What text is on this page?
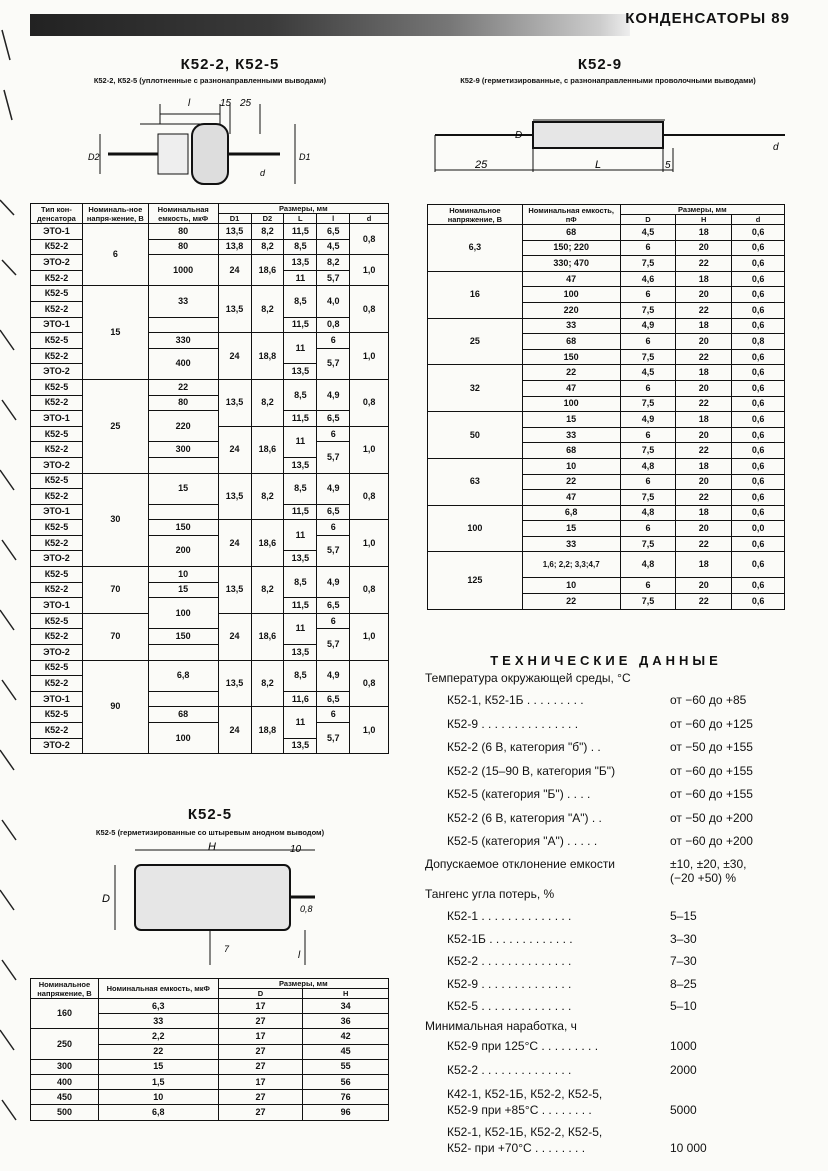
КОНДЕНСАТОРЫ 89
К52-2, К52-5
К52-2, К52-5 (уплотненные с разнонаправленными выводами)
l	15 25
D2	D1
d
Тип кон-денсатора	Номиналь-ное напря-жение, В	Номинальная емкость, мкФ	Размеры, мм				
			D1	D2	L	l	d
ЭТО-1	6	80	13,5	8,2	11,5	6,5	0,8
К52-2		80	13,8	8,2	8,5	4,5	
ЭТО-2		1000	24	18,6	13,5	8,2	1,0
К52-2					11	5,7	
К52-5	15	33	13,5	8,2	8,5	4,0	0,8
К52-2							
ЭТО-1					11,5	0,8	
К52-5		330	24	18,8	11	6	1,0
К52-2		400				5,7	
ЭТО-2					13,5		
К52-5	25	22	13,5	8,2	8,5	4,9	0,8
К52-2		80					
ЭТО-1		220			11,5	6,5	
К52-5			24	18,6	11	6	1,0
К52-2		300				5,7	
ЭТО-2					13,5		
К52-5	30	15	13,5	8,2	8,5	4,9	0,8
К52-2							
ЭТО-1					11,5	6,5	
К52-5		150	24	18,6	11	6	1,0
К52-2		200				5,7	
ЭТО-2					13,5		
К52-5	70	10	13,5	8,2	8,5	4,9	0,8
К52-2		15					
ЭТО-1		100			11,5	6,5	
К52-5	70		24	18,6	11	6	1,0
К52-2		150				5,7	
ЭТО-2					13,5		
К52-5	90	6,8	13,5	8,2	8,5	4,9	0,8
К52-2							
ЭТО-1					11,6	6,5	
К52-5		68	24	18,8	11	6	1,0
К52-2		100				5,7	
ЭТО-2					13,5		
К52-5
К52-5 (герметизированные со штыревым анодном выводом)
H	10
D
0,8
7
l
Номинальное напряжение, В	Номинальная емкость, мкФ	Размеры, мм	
		D	H
160	6,3	17	34
	33	27	36
250	2,2	17	42
	22	27	45
300	15	27	55
400	1,5	17	56
450	10	27	76
500	6,8	27	96
К52-9
К52-9 (герметизированные, с разнонаправленными проволочными выводами)
25	L	5
D
d
Номинальное напряжение, В	Номинальная емкость, пФ	Размеры, мм		
		D	H	d
6,3	68	4,5	18	0,6
	150; 220	6	20	0,6
	330; 470	7,5	22	0,6
16	47	4,6	18	0,6
	100	6	20	0,6
	220	7,5	22	0,6
25	33	4,9	18	0,6
	68	6	20	0,8
	150	7,5	22	0,6
32	22	4,5	18	0,6
	47	6	20	0,6
	100	7,5	22	0,6
50	15	4,9	18	0,6
	33	6	20	0,6
	68	7,5	22	0,6
63	10	4,8	18	0,6
	22	6	20	0,6
	47	7,5	22	0,6
100	6,8	4,8	18	0,6
	15	6	20	0,0
	33	7,5	22	0,6
125	1,6; 2,2; 3,3;4,7	4,8	18	0,6
	10	6	20	0,6
	22	7,5	22	0,6
ТЕХНИЧЕСКИЕ ДАННЫЕ
Температура окружающей среды, °С
К52-1, К52-1Б . . . . . . . . .	от −60 до +85
К52-9 . . . . . . . . . . . . . . .	от −60 до +125
К52-2 (6 В, категория "б") . .	от −50 до +155
К52-2 (15–90 В, категория "Б")	от −60 до +155
К52-5 (категория "Б") . . . .	от −60 до +155
К52-2 (6 В, категория "А") . .	от −50 до +200
К52-5 (категория "А") . . . . .	от −60 до +200
Допускаемое отклонение емкости	±10, ±20, ±30,
(−20 +50) %
Тангенс угла потерь, %
К52-1 . . . . . . . . . . . . . .	5–15
К52-1Б . . . . . . . . . . . . .	3–30
К52-2 . . . . . . . . . . . . . .	7–30
К52-9 . . . . . . . . . . . . . .	8–25
К52-5 . . . . . . . . . . . . . .	5–10
Минимальная наработка, ч
К52-9 при 125°С . . . . . . . . .	1000
К52-2 . . . . . . . . . . . . . .	2000
К42-1, К52-1Б, К52-2, К52-5,
К52-9 при +85°С . . . . . . . .	5000
К52-1, К52-1Б, К52-2, К52-5,
К52- при +70°С . . . . . . . .	10 000
